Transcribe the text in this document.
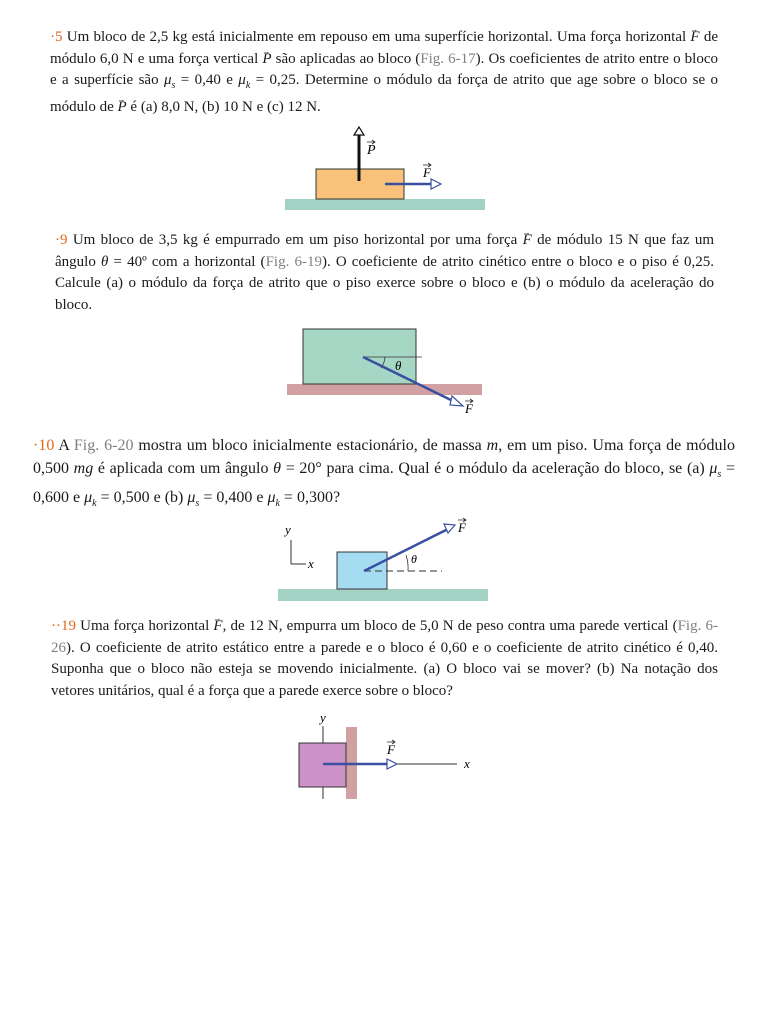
·5 Um bloco de 2,5 kg está inicialmente em repouso em uma superfície horizontal. Uma força horizontal → F de módulo 6,0 N e uma força vertical → P são aplicadas ao bloco (Fig. 6-17). Os coeficientes de atrito entre o bloco e a superfície são $\mu_s = 0,40$ e $\mu_k = 0,25$. Determine o módulo da força de atrito que age sobre o bloco se o módulo de → P é (a) 8,0 N, (b) 10 N e (c) 12 N.

P
F

·9 Um bloco de 3,5 kg é empurrado em um piso horizontal por uma força → F de módulo 15 N que faz um ângulo θ = 40º com a horizontal (Fig. 6-19). O coeficiente de atrito cinético entre o bloco e o piso é 0,25. Calcule (a) o módulo da força de atrito que o piso exerce sobre o bloco e (b) o módulo da aceleração do bloco.

θ
F

·10 A Fig. 6-20 mostra um bloco inicialmente estacionário, de massa m, em um piso. Uma força de módulo 0,500 mg é aplicada com um ângulo θ = 20° para cima. Qual é o módulo da aceleração do bloco, se (a) $\mu_s = 0,600$ e $\mu_k = 0,500$ e (b) $\mu_s = 0,400$ e $\mu_k = 0,300$?

y
x	θ
F

··19 Uma força horizontal → F, de 12 N, empurra um bloco de 5,0 N de peso contra uma parede vertical (Fig. 6-26). O coeficiente de atrito estático entre a parede e o bloco é 0,60 e o coeficiente de atrito cinético é 0,40. Suponha que o bloco não esteja se movendo inicialmente. (a) O bloco vai se mover? (b) Na notação dos vetores unitários, qual é a força que a parede exerce sobre o bloco?

y
x
F
